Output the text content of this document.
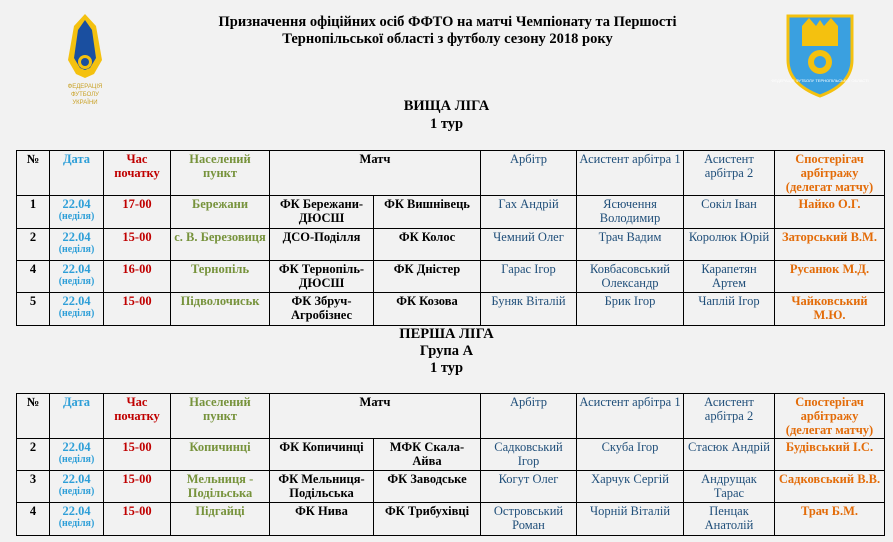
ФЕДЕРАЦІЯ
ФУТБОЛУ
УКРАЇНИ
Призначення офіційних осіб ФФТО на матчі Чемпіонату та Першості
Тернопільської області з футболу сезону 2018 року
ФЕДЕРАЦІЯ ФУТБОЛУ ТЕРНОПІЛЬСЬКОЇ ОБЛАСТІ
ВИЩА ЛІГА
1 тур
№	Дата	Час початку	Населений пункт	Матч		Арбітр	Асистент арбітра 1	Асистент арбітра 2	Спостерігач арбітражу (делегат матчу)
1	22.04
(неділя)	17-00	Бережани	ФК Бережани-ДЮСШ	ФК Вишнівець	Гах Андрій	Ясючення Володимир	Сокіл Іван	Найко О.Г.
2	22.04
(неділя)	15-00	с. В. Березовиця	ДСО-Поділля	ФК Колос	Чемний Олег	Трач Вадим	Королюк Юрій	Заторський В.М.
4	22.04
(неділя)	16-00	Тернопіль	ФК Тернопіль-ДЮСШ	ФК Дністер	Гарас Ігор	Ковбасовський Олександр	Карапетян Артем	Русанюк М.Д.
5	22.04
(неділя)	15-00	Підволочиськ	ФК Збруч-Агробізнес	ФК Козова	Буняк Віталій	Брик Ігор	Чаплій Ігор	Чайковський М.Ю.
ПЕРША ЛІГА
Група А
1 тур
№	Дата	Час початку	Населений пункт	Матч		Арбітр	Асистент арбітра 1	Асистент арбітра 2	Спостерігач арбітражу (делегат матчу)
2	22.04
(неділя)	15-00	Копичинці	ФК Копичинці	МФК Скала-Айва	Садковський Ігор	Скуба Ігор	Стасюк Андрій	Будівський І.С.
3	22.04
(неділя)	15-00	Мельниця - Подільська	ФК Мельниця-Подільська	ФК Заводське	Когут Олег	Харчук Сергій	Андрущак Тарас	Садковський В.В.
4	22.04
(неділя)	15-00	Підгайці	ФК Нива	ФК Трибухівці	Островський Роман	Чорній Віталій	Пенцак Анатолій	Трач Б.М.
